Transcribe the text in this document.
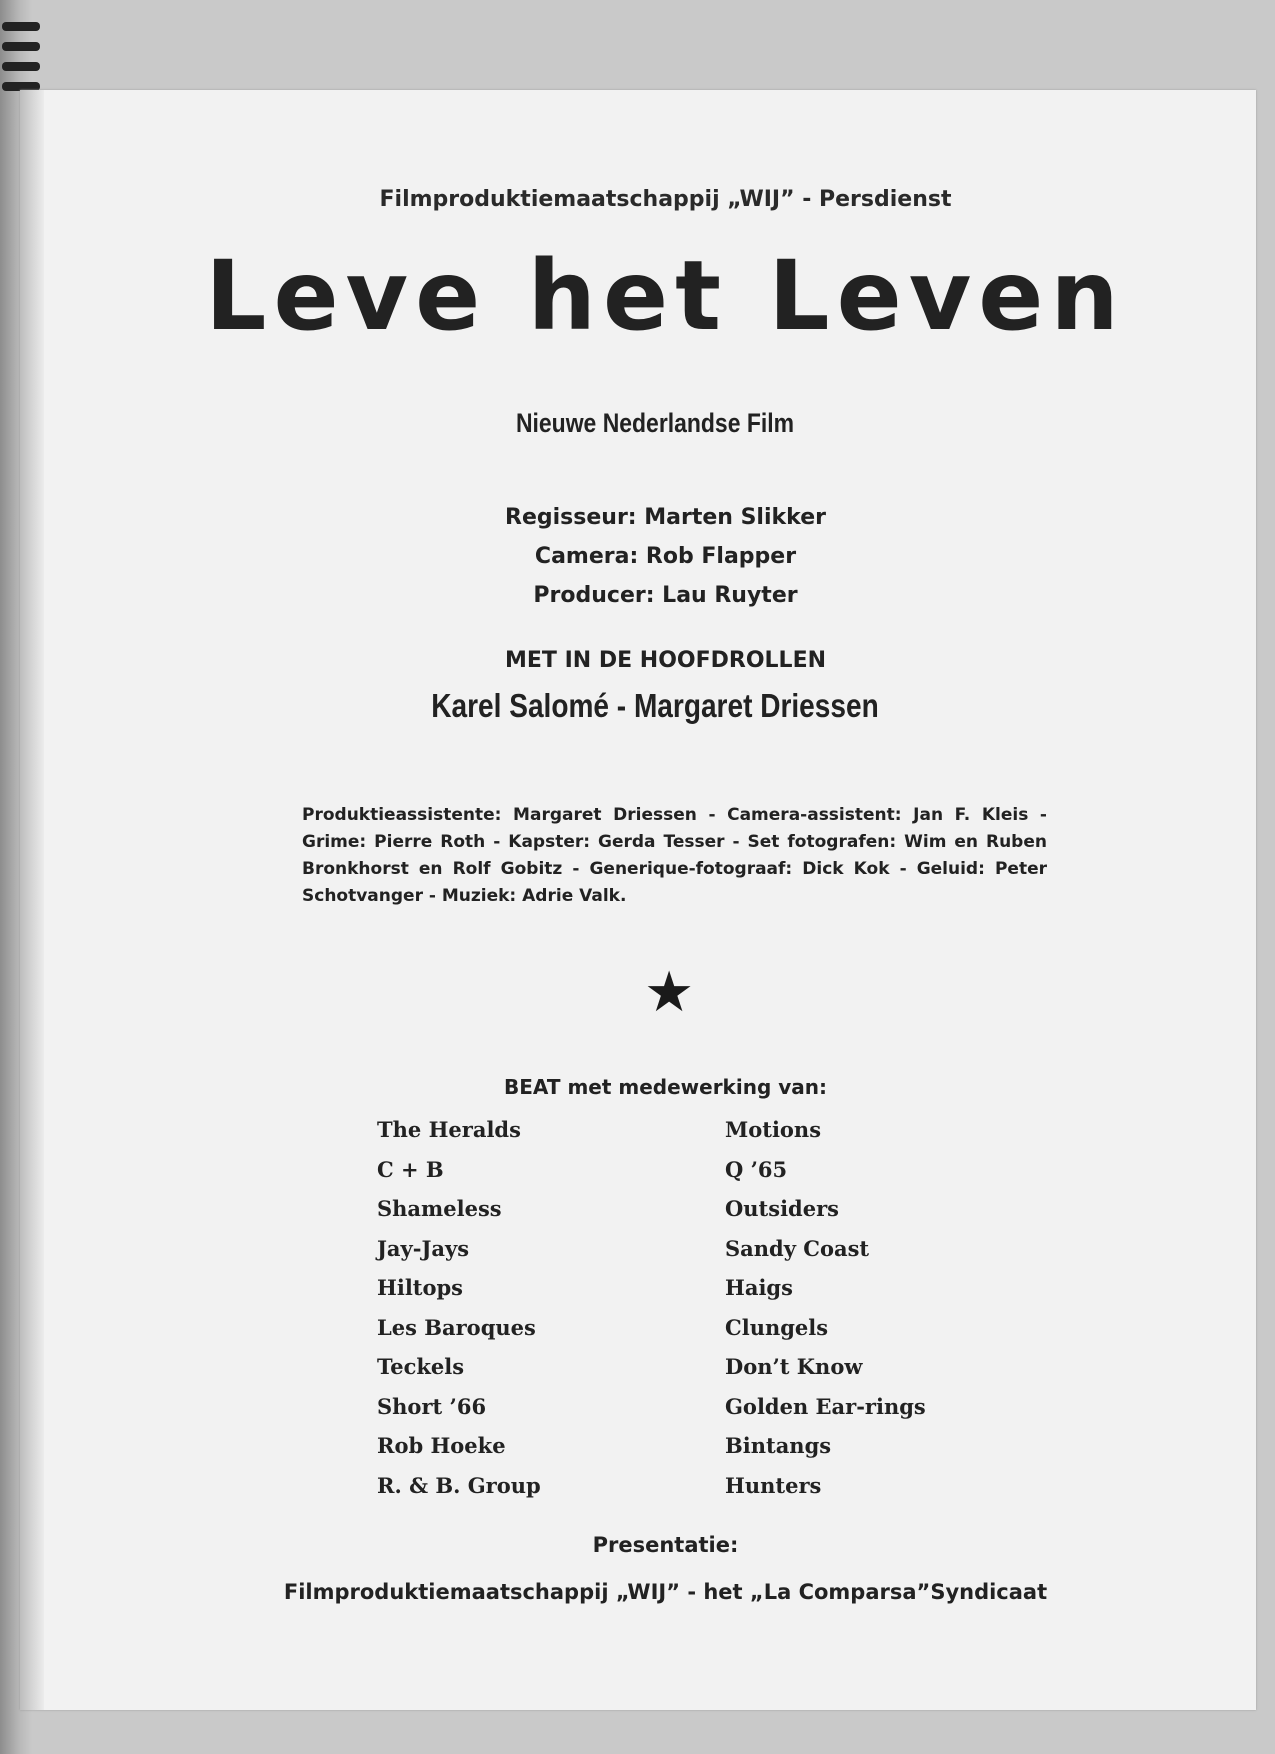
Filmproduktiemaatschappij „WIJ” - Persdienst
Leve het Leven
Nieuwe Nederlandse Film
Regisseur: Marten Slikker
Camera: Rob Flapper
Producer: Lau Ruyter
MET IN DE HOOFDROLLEN
Karel Salomé - Margaret Driessen
Produktieassistente: Margaret Driessen - Camera-assistent: Jan F. Kleis - Grime: Pierre Roth - Kapster: Gerda Tesser - Set fotografen: Wim en Ruben Bronkhorst en Rolf Gobitz - Generique-fotograaf: Dick Kok - Geluid: Peter Schotvanger - Muziek: Adrie Valk.
★
BEAT met medewerking van:
The Heralds
C + B
Shameless
Jay-Jays
Hiltops
Les Baroques
Teckels
Short ’66
Rob Hoeke
R. & B. Group
Motions
Q ’65
Outsiders
Sandy Coast
Haigs
Clungels
Don’t Know
Golden Ear-rings
Bintangs
Hunters
Presentatie:
Filmproduktiemaatschappij „WIJ” - het „La Comparsa”Syndicaat
